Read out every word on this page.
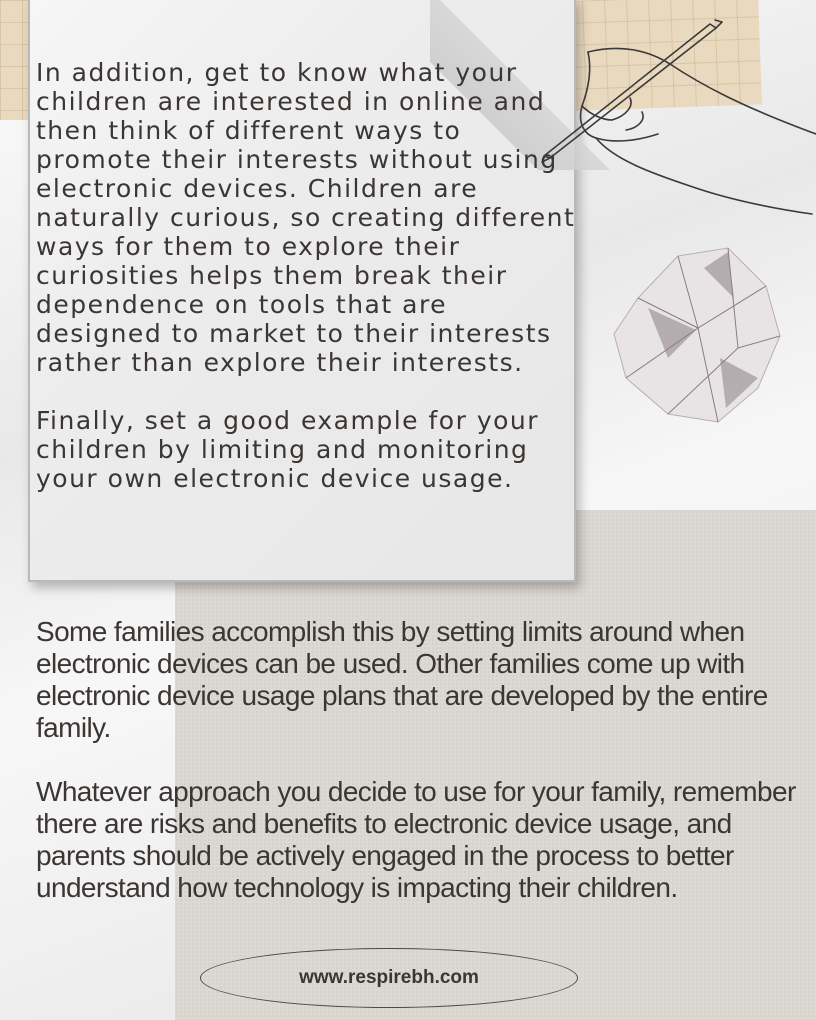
In addition, get to know what your children are interested in online and then think of different ways to promote their interests without using electronic devices. Children are naturally curious, so creating different ways for them to explore their curiosities helps them break their dependence on tools that are designed to market to their interests rather than explore their interests.

Finally, set a good example for your children by limiting and monitoring your own electronic device usage.

Some families accomplish this by setting limits around when electronic devices can be used. Other families come up with electronic device usage plans that are developed by the entire family.

Whatever approach you decide to use for your family, remember there are risks and benefits to electronic device usage, and parents should be actively engaged in the process to better understand how technology is impacting their children.

www.respirebh.com
